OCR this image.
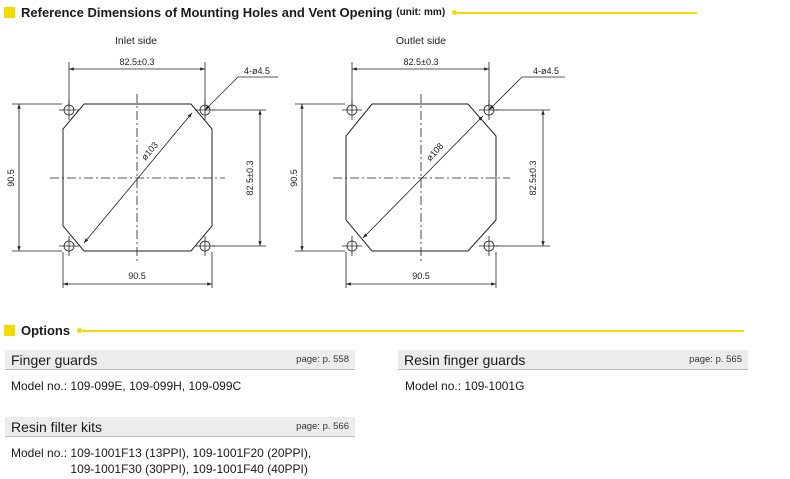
Reference Dimensions of Mounting Holes and Vent Opening (unit: mm)
Inlet side
82.5±0.3
4-ø4.5
ø103
90.5	82.5±0.3
90.5
Outlet side
82.5±0.3
4-ø4.5
ø108
90.5	82.5±0.3
90.5
Options
Finger guards	page: p. 558
Model no.: 109-099E, 109-099H, 109-099C
Resin finger guards	page: p. 565
Model no.: 109-1001G
Resin filter kits	page: p. 566
Model no.: 109-1001F13 (13PPI), 109-1001F20 (20PPI),
109-1001F30 (30PPI), 109-1001F40 (40PPI)
